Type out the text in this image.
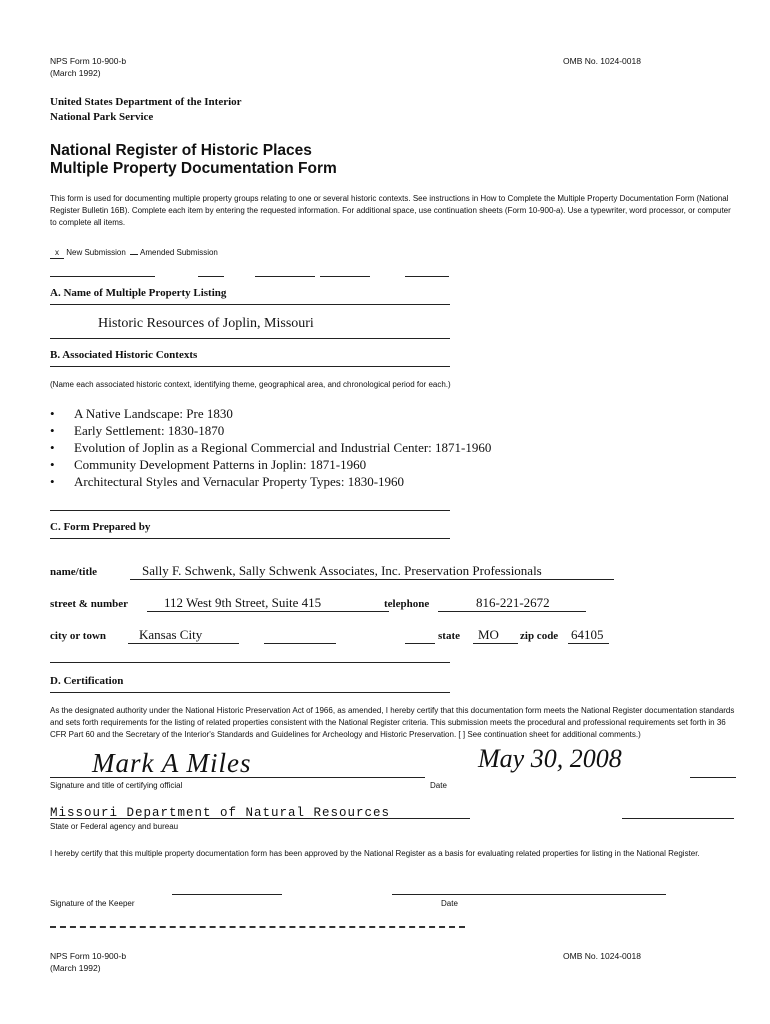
NPS Form 10-900-b
(March 1992)
OMB No. 1024-0018
United States Department of the Interior
National Park Service
National Register of Historic Places
Multiple Property Documentation Form
This form is used for documenting multiple property groups relating to one or several historic contexts. See instructions in How to Complete the Multiple Property Documentation Form (National Register Bulletin 16B). Complete each item by entering the requested information. For additional space, use continuation sheets (Form 10-900-a). Use a typewriter, word processor, or computer to complete all items.
x New Submission Amended Submission
A. Name of Multiple Property Listing
Historic Resources of Joplin, Missouri
B. Associated Historic Contexts
(Name each associated historic context, identifying theme, geographical area, and chronological period for each.)
• A Native Landscape: Pre 1830
• Early Settlement: 1830-1870
• Evolution of Joplin as a Regional Commercial and Industrial Center: 1871-1960
• Community Development Patterns in Joplin: 1871-1960
• Architectural Styles and Vernacular Property Types: 1830-1960
C. Form Prepared by
name/title	Sally F. Schwenk, Sally Schwenk Associates, Inc. Preservation Professionals
street & number	112 West 9th Street, Suite 415	telephone	816-221-2672
city or town	Kansas City	state	MO	zip code 64105
D. Certification
As the designated authority under the National Historic Preservation Act of 1966, as amended, I hereby certify that this documentation form meets the National Register documentation standards and sets forth requirements for the listing of related properties consistent with the National Register criteria. This submission meets the procedural and professional requirements set forth in 36 CFR Part 60 and the Secretary of the Interior's Standards and Guidelines for Archeology and Historic Preservation. [ ] See continuation sheet for additional comments.)
Mark A Miles
Signature and title of certifying official	Date
May 30, 2008
Missouri Department of Natural Resources
State or Federal agency and bureau
I hereby certify that this multiple property documentation form has been approved by the National Register as a basis for evaluating related properties for listing in the National Register.
Signature of the Keeper	Date
NPS Form 10-900-b
(March 1992)
OMB No. 1024-0018
